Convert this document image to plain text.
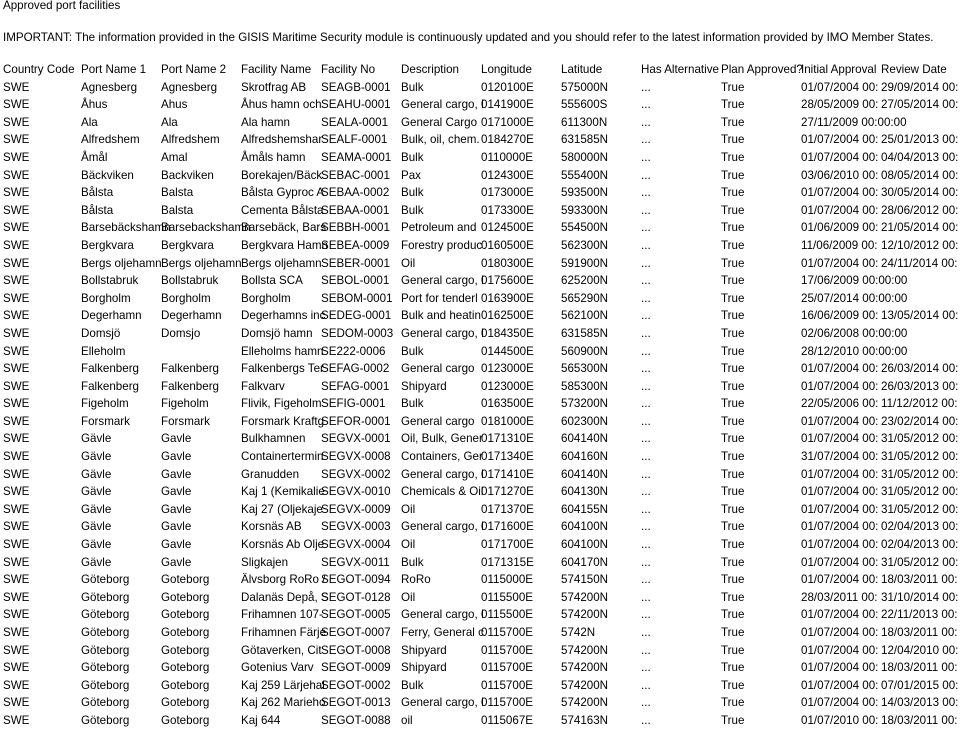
Approved port facilities
IMPORTANT: The information provided in the GISIS Maritime Security module is continuously updated and you should refer to the latest information provided by IMO Member States.
Country Code	Port Name 1	Port Name 2	Facility Name	Facility No	Description	Longitude	Latitude	Has Alternative	Plan Approved?	Initial Approval	Review Date
SWE	Agnesberg	Agnesberg	Skrotfrag AB	SEAGB-0001	Bulk	0120100E	575000N	...	True	01/07/2004 00:	29/09/2014 00:
SWE	Åhus	Ahus	Åhus hamn och	SEAHU-0001	General cargo, I	0141900E	555600S	...	True	28/05/2009 00:	27/05/2014 00:
SWE	Ala	Ala	Ala hamn	SEALA-0001	General Cargo	0171000E	611300N	...	True	27/11/2009 00:00:00	
SWE	Alfredshem	Alfredshem	Alfredshemshar	SEALF-0001	Bulk, oil, chem.	0184270E	631585N	...	True	01/07/2004 00:	25/01/2013 00:
SWE	Åmål	Amal	Åmåls hamn	SEAMA-0001	Bulk	0110000E	580000N	...	True	01/07/2004 00:	04/04/2013 00:
SWE	Bäckviken	Backviken	Borekajen/Bäck	SEBAC-0001	Pax	0124300E	555400N	...	True	03/06/2010 00:	08/05/2014 00:
SWE	Bålsta	Balsta	Bålsta Gyproc A	SEBAA-0002	Bulk	0173000E	593500N	...	True	01/07/2004 00:	30/05/2014 00:
SWE	Bålsta	Balsta	Cementa Bålsta	SEBAA-0001	Bulk	0173300E	593300N	...	True	01/07/2004 00:	28/06/2012 00:
SWE	Barsebäckshamn	Barsebackshamn	Barsebäck, Bars	SEBBH-0001	Petroleum and	0124500E	554500N	...	True	01/06/2009 00:	21/05/2014 00:
SWE	Bergkvara	Bergkvara	Bergkvara Hamn	SEBEA-0009	Forestry produc	0160500E	562300N	...	True	11/06/2009 00:	12/10/2012 00:
SWE	Bergs oljehamn	Bergs oljehamn	Bergs oljehamn	SEBER-0001	Oil	0180300E	591900N	...	True	01/07/2004 00:	24/11/2014 00:
SWE	Bollstabruk	Bollstabruk	Bollsta SCA	SEBOL-0001	General cargo, I	0175600E	625200N	...	True	17/06/2009 00:00:00	
SWE	Borgholm	Borgholm	Borgholm	SEBOM-0001	Port for tenderl	0163900E	565290N	...	True	25/07/2014 00:00:00	
SWE	Degerhamn	Degerhamn	Degerhamns inc	SEDEG-0001	Bulk and heatin	0162500E	562100N	...	True	16/06/2009 00:	13/05/2014 00:
SWE	Domsjö	Domsjo	Domsjö hamn	SEDOM-0003	General cargo, I	0184350E	631585N	...	True	02/06/2008 00:00:00	
SWE	Elleholm		Elleholms hamn	SE222-0006	Bulk	0144500E	560900N	...	True	28/12/2010 00:00:00	
SWE	Falkenberg	Falkenberg	Falkenbergs Ter	SEFAG-0002	General cargo	0123000E	565300N	...	True	01/07/2004 00:	26/03/2014 00:
SWE	Falkenberg	Falkenberg	Falkvarv	SEFAG-0001	Shipyard	0123000E	585300N	...	True	01/07/2004 00:	26/03/2013 00:
SWE	Figeholm	Figeholm	Flivik, Figeholm	SEFIG-0001	Bulk	0163500E	573200N	...	True	22/05/2006 00:	11/12/2012 00:
SWE	Forsmark	Forsmark	Forsmark Kraftg	SEFOR-0001	General cargo	0181000E	602300N	...	True	01/07/2004 00:	23/02/2014 00:
SWE	Gävle	Gavle	Bulkhamnen	SEGVX-0001	Oil, Bulk, Gener	0171310E	604140N	...	True	01/07/2004 00:	31/05/2012 00:
SWE	Gävle	Gavle	Containertermin	SEGVX-0008	Containers, Ger	0171340E	604160N	...	True	31/07/2004 00:	31/05/2012 00:
SWE	Gävle	Gavle	Granudden	SEGVX-0002	General cargo, I	0171410E	604140N	...	True	01/07/2004 00:	31/05/2012 00:
SWE	Gävle	Gavle	Kaj 1 (Kemikalie	SEGVX-0010	Chemicals & Oil	0171270E	604130N	...	True	01/07/2004 00:	31/05/2012 00:
SWE	Gävle	Gavle	Kaj 27 (Oljekaje	SEGVX-0009	Oil	0171370E	604155N	...	True	01/07/2004 00:	31/05/2012 00:
SWE	Gävle	Gavle	Korsnäs AB	SEGVX-0003	General cargo, I	0171600E	604100N	...	True	01/07/2004 00:	02/04/2013 00:
SWE	Gävle	Gavle	Korsnäs Ab Olje	SEGVX-0004	Oil	0171700E	604100N	...	True	01/07/2004 00:	02/04/2013 00:
SWE	Gävle	Gavle	Sligkajen	SEGVX-0011	Bulk	0171315E	604170N	...	True	01/07/2004 00:	31/05/2012 00:
SWE	Göteborg	Goteborg	Älvsborg RoRo /	SEGOT-0094	RoRo	0115000E	574150N	...	True	01/07/2004 00:	18/03/2011 00:
SWE	Göteborg	Goteborg	Dalanäs Depå, S	SEGOT-0128	Oil	0115500E	574200N	...	True	28/03/2011 00:	31/10/2014 00:
SWE	Göteborg	Goteborg	Frihamnen 107-	SEGOT-0005	General cargo, I	0115500E	574200N	...	True	01/07/2004 00:	22/11/2013 00:
SWE	Göteborg	Goteborg	Frihamnen Färje	SEGOT-0007	Ferry, General c	0115700E	5742N	...	True	01/07/2004 00:	18/03/2011 00:
SWE	Göteborg	Goteborg	Götaverken, Cit	SEGOT-0008	Shipyard	0115700E	574200N	...	True	01/07/2004 00:	12/04/2010 00:
SWE	Göteborg	Goteborg	Gotenius Varv	SEGOT-0009	Shipyard	0115700E	574200N	...	True	01/07/2004 00:	18/03/2011 00:
SWE	Göteborg	Goteborg	Kaj 259 Lärjehal	SEGOT-0002	Bulk	0115700E	574200N	...	True	01/07/2004 00:	07/01/2015 00:
SWE	Göteborg	Goteborg	Kaj 262 Marieho	SEGOT-0013	General cargo, I	0115700E	574200N	...	True	01/07/2004 00:	14/03/2013 00:
SWE	Göteborg	Goteborg	Kaj 644	SEGOT-0088	oil	0115067E	574163N	...	True	01/07/2010 00:	18/03/2011 00:
